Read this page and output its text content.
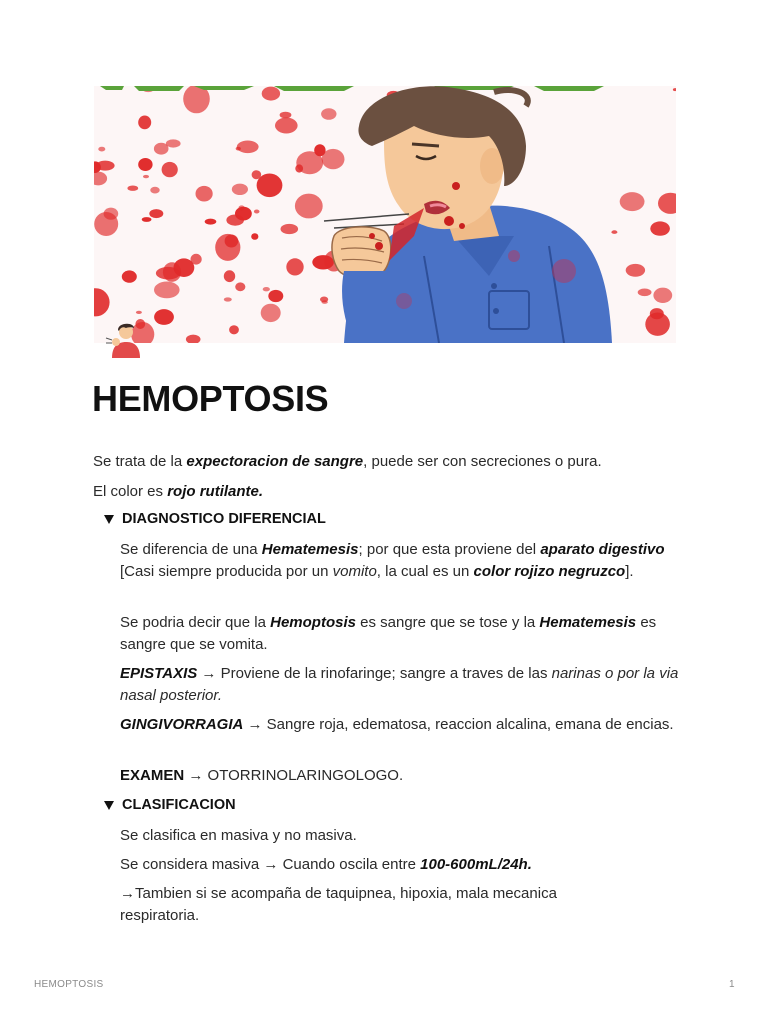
HEMOPTOSIS

Se trata de la expectoracion de sangre, puede ser con secreciones o pura.

El color es rojo rutilante.

DIAGNOSTICO DIFERENCIAL

Se diferencia de una Hematemesis; por que esta proviene del aparato digestivo [Casi siempre producida por un vomito, la cual es un color rojizo negruzco].

Se podria decir que la Hemoptosis es sangre que se tose y la Hematemesis es sangre que se vomita.

EPISTAXIS → Proviene de la rinofaringe; sangre a traves de las narinas o por la via nasal posterior.

GINGIVORRAGIA → Sangre roja, edematosa, reaccion alcalina, emana de encias.

EXAMEN → OTORRINOLARINGOLOGO.

CLASIFICACION

Se clasifica en masiva y no masiva.

Se considera masiva → Cuando oscila entre 100-600mL/24h.

→Tambien si se acompaña de taquipnea, hipoxia, mala mecanica respiratoria.

HEMOPTOSIS	1
